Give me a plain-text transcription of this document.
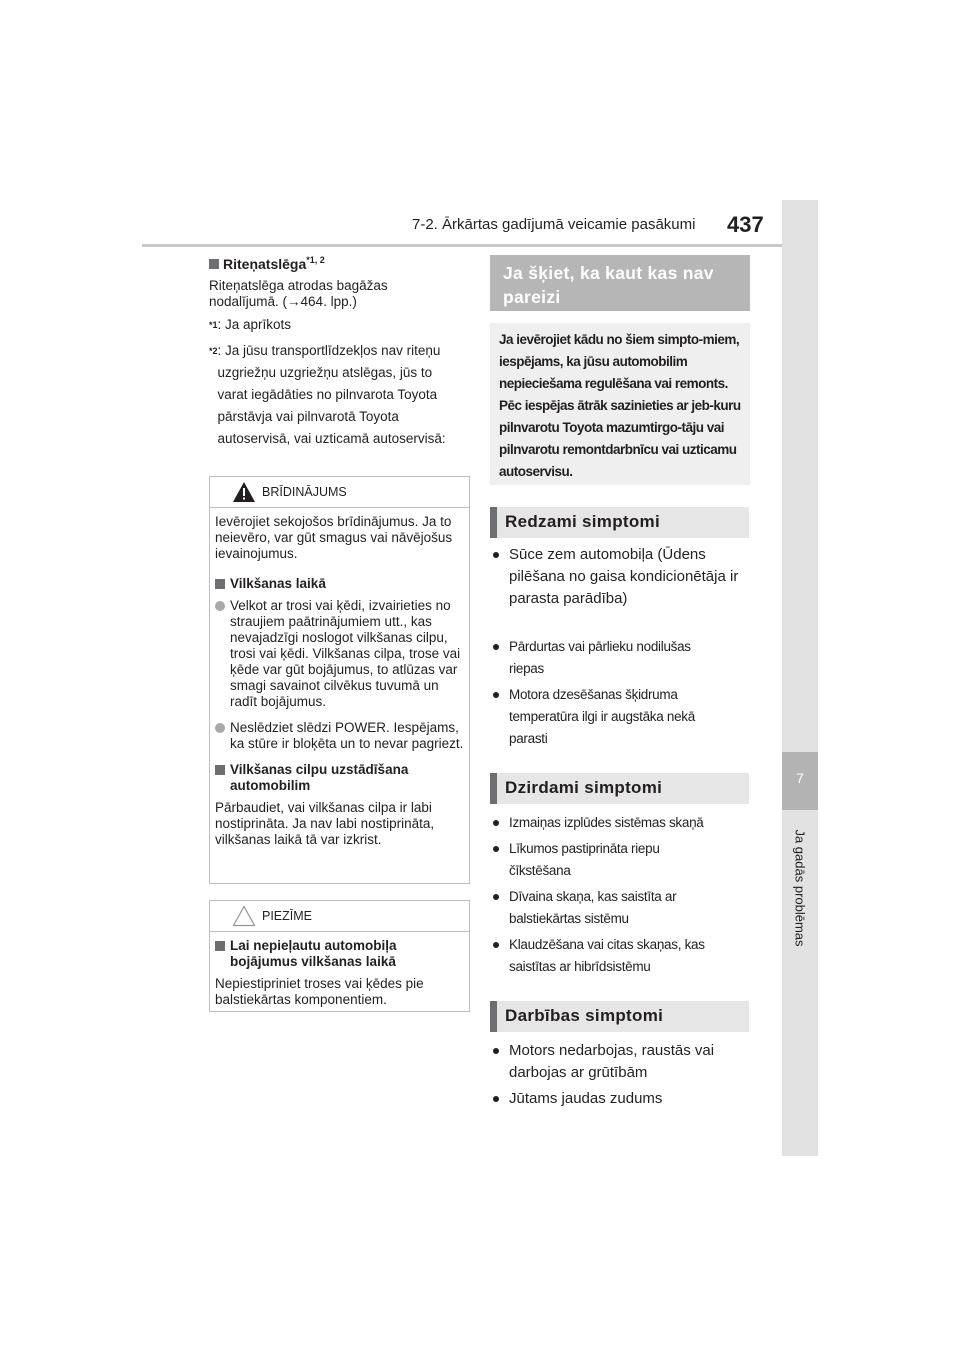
7-2. Ārkārtas gadījumā veicamie pasākumi 437
7
Ja gadās problēmas
Riteņatslēga *1, 2

Riteņatslēga atrodas bagāžas nodalījumā. (→464. lpp.)

*1 : Ja aprīkots
*2 : Ja jūsu transportlīdzekļos nav riteņu uzgriežņu uzgriežņu atslēgas, jūs to varat iegādāties no pilnvarota Toyota pārstāvja vai pilnvarotā Toyota autoservisā, vai uzticamā autoservisā:
BRĪDINĀJUMS

Ievērojiet sekojošos brīdinājumus. Ja to neievēro, var gūt smagus vai nāvējošus ievainojumus.

Vilkšanas laikā
Velkot ar trosi vai ķēdi, izvairieties no straujiem paātrinājumiem utt., kas nevajadzīgi noslogot vilkšanas cilpu, trosi vai ķēdi. Vilkšanas cilpa, trose vai ķēde var gūt bojājumus, to atlūzas var smagi savainot cilvēkus tuvumā un radīt bojājumus.
Neslēdziet slēdzi POWER. Iespējams, ka stūre ir bloķēta un to nevar pagriezt.
Vilkšanas cilpu uzstādīšana automobilim

Pārbaudiet, vai vilkšanas cilpa ir labi nostiprināta. Ja nav labi nostiprināta, vilkšanas laikā tā var izkrist.

PIEZĪME
Lai nepieļautu automobiļa bojājumus vilkšanas laikā

Nepiestipriniet troses vai ķēdes pie balstiekārtas komponentiem.

Ja šķiet, ka kaut kas nav pareizi
Ja ievērojiet kādu no šiem simpto-miem, iespējams, ka jūsu automobilim nepieciešama regulēšana vai remonts. Pēc iespējas ātrāk sazinieties ar jeb-kuru pilnvarotu Toyota mazumtirgo-tāju vai pilnvarotu remontdarbnīcu vai uzticamu autoservisu.
Redzami simptomi
Sūce zem automobiļa (Ūdens pilēšana no gaisa kondicionētāja ir parasta parādība)
Pārdurtas vai pārlieku nodilušas riepas
Motora dzesēšanas šķidruma temperatūra ilgi ir augstāka nekā parasti
Dzirdami simptomi
Izmaiņas izplūdes sistēmas skaņā
Līkumos pastiprināta riepu čīkstēšana
Dīvaina skaņa, kas saistīta ar balstiekārtas sistēmu
Klaudzēšana vai citas skaņas, kas saistītas ar hibrīdsistēmu
Darbības simptomi
Motors nedarbojas, raustās vai darbojas ar grūtībām
Jūtams jaudas zudums
